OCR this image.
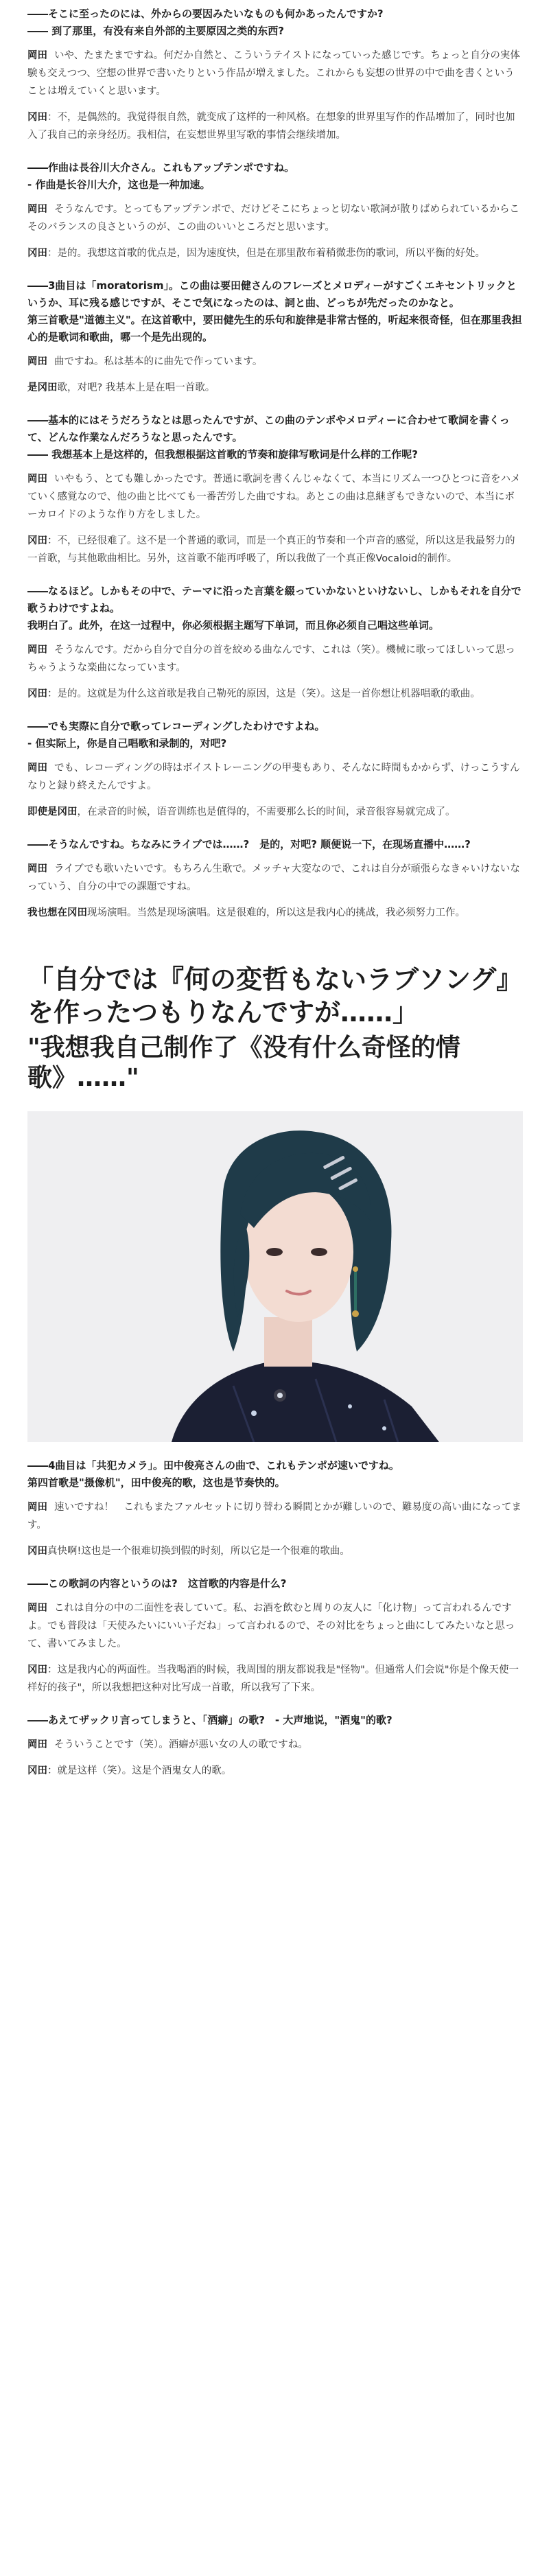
――そこに至ったのには、外からの要因みたいなものも何かあったんですか?

―― 到了那里，有没有来自外部的主要原因之类的东西?

岡田 いや、たまたまですね。何だか自然と、こういうテイストになっていった感じです。ちょっと自分の実体験も交えつつ、空想の世界で書いたりという作品が増えました。これからも妄想の世界の中で曲を書くということは増えていくと思います。

冈田：不，是偶然的。我觉得很自然，就变成了这样的一种风格。在想象的世界里写作的作品增加了，同时也加入了我自己的亲身经历。我相信，在妄想世界里写歌的事情会继续增加。

――作曲は長谷川大介さん。これもアップテンポですね。

- 作曲是长谷川大介，这也是一种加速。

岡田 そうなんです。とってもアップテンポで、だけどそこにちょっと切ない歌詞が散りばめられているからこそのバランスの良さというのが、この曲のいいところだと思います。

冈田：是的。我想这首歌的优点是，因为速度快，但是在那里散布着稍微悲伤的歌词，所以平衡的好处。

――3曲目は「moratorism」。この曲は要田健さんのフレーズとメロディーがすごくエキセントリックというか、耳に残る感じですが、そこで気になったのは、詞と曲、どっちが先だったのかなと。

第三首歌是"道德主义"。在这首歌中，要田健先生的乐句和旋律是非常古怪的，听起来很奇怪，但在那里我担心的是歌词和歌曲，哪一个是先出现的。

岡田 曲ですね。私は基本的に曲先で作っています。

是冈田歌，对吧? 我基本上是在唱一首歌。

――基本的にはそうだろうなとは思ったんですが、この曲のテンポやメロディーに合わせて歌詞を書くって、どんな作業なんだろうなと思ったんです。

―― 我想基本上是这样的，但我想根据这首歌的节奏和旋律写歌词是什么样的工作呢?

岡田 いやもう、とても難しかったです。普通に歌詞を書くんじゃなくて、本当にリズム一つひとつに音をハメていく感覚なので、他の曲と比べても一番苦労した曲ですね。あとこの曲は息継ぎもできないので、本当にボーカロイドのような作り方をしました。

冈田：不，已经很难了。这不是一个普通的歌词，而是一个真正的节奏和一个声音的感觉，所以这是我最努力的一首歌，与其他歌曲相比。另外，这首歌不能再呼吸了，所以我做了一个真正像Vocaloid的制作。

――なるほど。しかもその中で、テーマに沿った言葉を綴っていかないといけないし、しかもそれを自分で歌うわけですよね。

我明白了。此外，在这一过程中，你必须根据主题写下单词，而且你必须自己唱这些单词。

岡田 そうなんです。だから自分で自分の首を絞める曲なんです、これは（笑）。機械に歌ってほしいって思っちゃうような楽曲になっています。

冈田：是的。这就是为什么这首歌是我自己勒死的原因，这是（笑）。这是一首你想让机器唱歌的歌曲。

――でも実際に自分で歌ってレコーディングしたわけですよね。

- 但实际上，你是自己唱歌和录制的，对吧?

岡田 でも、レコーディングの時はボイストレーニングの甲斐もあり、そんなに時間もかからず、けっこうすんなりと録り終えたんですよ。

即使是冈田，在录音的时候，语音训练也是值得的，不需要那么长的时间，录音很容易就完成了。

――そうなんですね。ちなみにライブでは……?　是的，对吧? 顺便说一下，在现场直播中……?

岡田 ライブでも歌いたいです。もちろん生歌で。メッチャ大変なので、これは自分が頑張らなきゃいけないなっていう、自分の中での課題ですね。

我也想在冈田现场演唱。当然是现场演唱。这是很难的，所以这是我内心的挑战，我必须努力工作。

「自分では『何の変哲もないラブソング』を作ったつもりなんですが……」

"我想我自己制作了《没有什么奇怪的情歌》……"

――4曲目は「共犯カメラ」。田中俊亮さんの曲で、これもテンポが速いですね。

第四首歌是"摄像机"，田中俊亮的歌，这也是节奏快的。

岡田 速いですね！　これもまたファルセットに切り替わる瞬間とかが難しいので、難易度の高い曲になってます。

冈田真快啊!这也是一个很难切换到假的时刻，所以它是一个很难的歌曲。

――この歌詞の内容というのは?　这首歌的内容是什么?

岡田 これは自分の中の二面性を表していて。私、お酒を飲むと周りの友人に「化け物」って言われるんですよ。でも普段は「天使みたいにいい子だね」って言われるので、その対比をちょっと曲にしてみたいなと思って、書いてみました。

冈田：这是我内心的两面性。当我喝酒的时候，我周围的朋友都说我是"怪物"。但通常人们会说"你是个像天使一样好的孩子"，所以我想把这种对比写成一首歌，所以我写了下来。

――あえてザックリ言ってしまうと、「酒癖」の歌?　- 大声地说，"酒鬼"的歌?

岡田 そういうことです（笑）。酒癖が悪い女の人の歌ですね。

冈田：就是这样（笑）。这是个酒鬼女人的歌。
